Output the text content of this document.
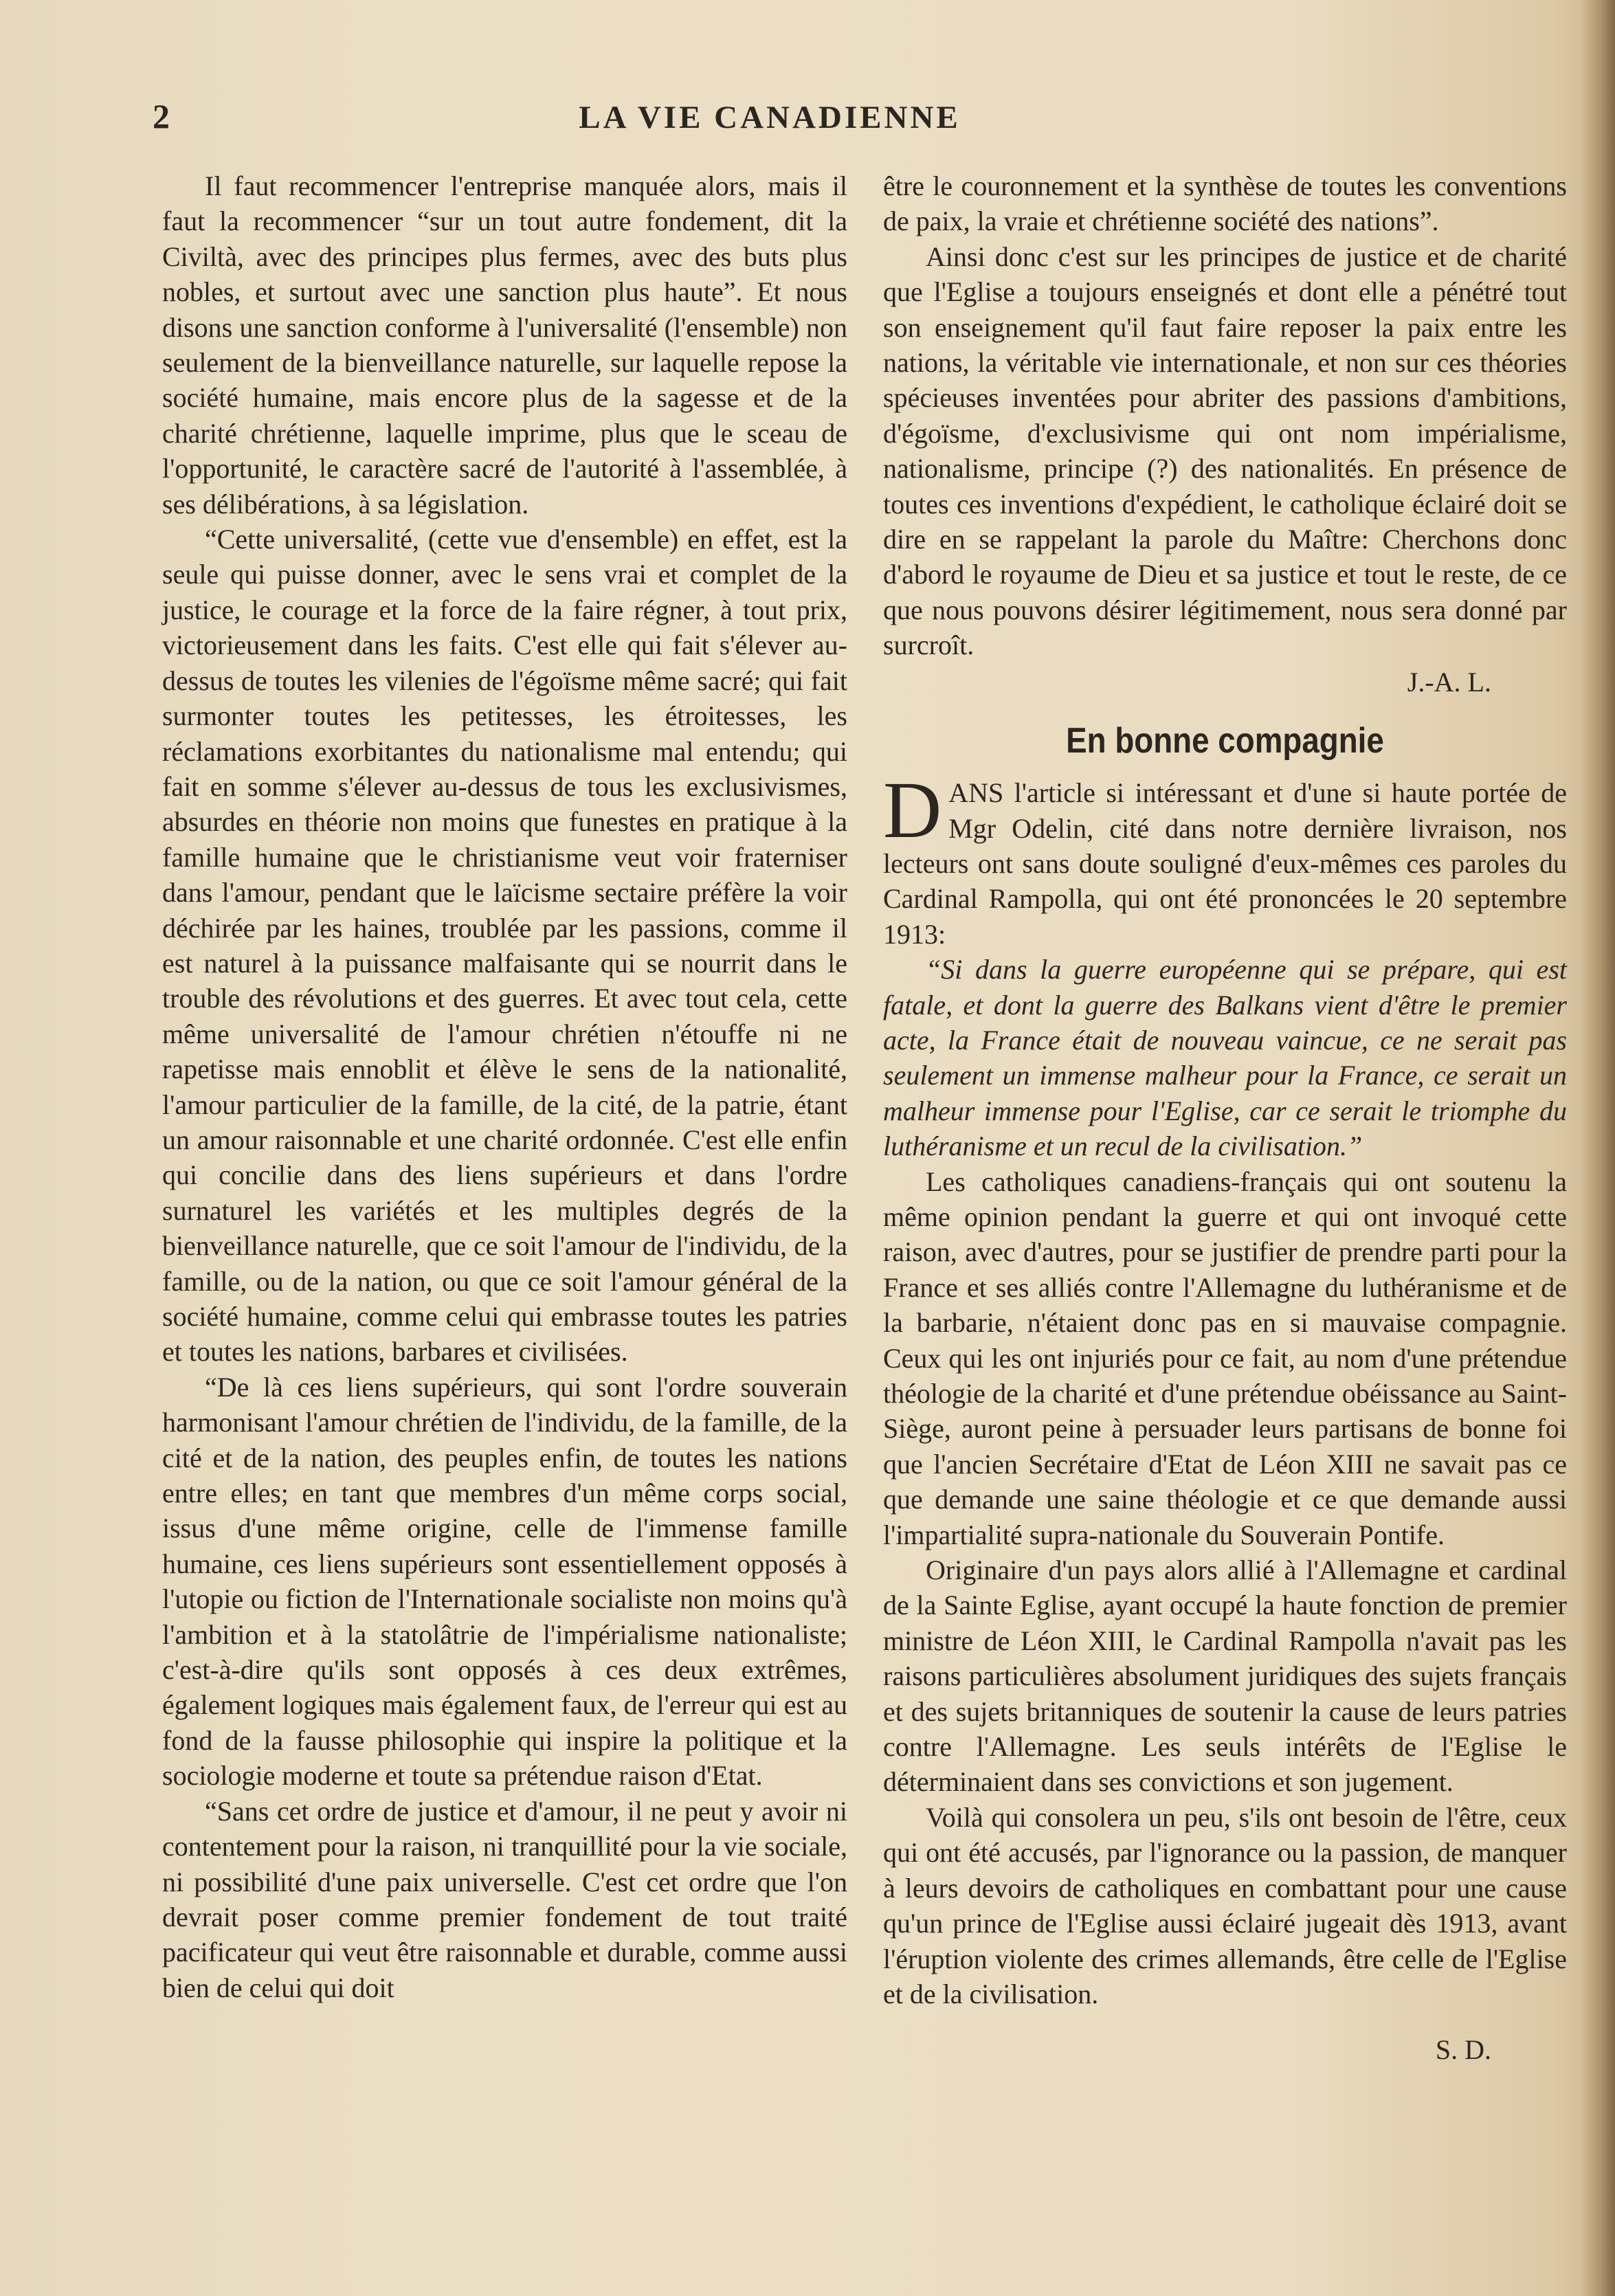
2	LA VIE CANADIENNE

Il faut recommencer l'entreprise manquée alors, mais il faut la recommencer “sur un tout autre fondement, dit la Civiltà, avec des principes plus fermes, avec des buts plus nobles, et surtout avec une sanction plus haute”. Et nous disons une sanction conforme à l'universalité (l'ensemble) non seulement de la bienveillance naturelle, sur laquelle repose la société humaine, mais encore plus de la sagesse et de la charité chrétienne, laquelle imprime, plus que le sceau de l'opportunité, le caractère sacré de l'autorité à l'assemblée, à ses délibérations, à sa législation.

“Cette universalité, (cette vue d'ensemble) en effet, est la seule qui puisse donner, avec le sens vrai et complet de la justice, le courage et la force de la faire régner, à tout prix, victorieusement dans les faits. C'est elle qui fait s'élever au-dessus de toutes les vilenies de l'égoïsme même sacré; qui fait surmonter toutes les petitesses, les étroitesses, les réclamations exorbitantes du nationalisme mal entendu; qui fait en somme s'élever au-dessus de tous les exclusivismes, absurdes en théorie non moins que funestes en pratique à la famille humaine que le christianisme veut voir fraterniser dans l'amour, pendant que le laïcisme sectaire préfère la voir déchirée par les haines, troublée par les passions, comme il est naturel à la puissance malfaisante qui se nourrit dans le trouble des révolutions et des guerres. Et avec tout cela, cette même universalité de l'amour chrétien n'étouffe ni ne rapetisse mais ennoblit et élève le sens de la nationalité, l'amour particulier de la famille, de la cité, de la patrie, étant un amour raisonnable et une charité ordonnée. C'est elle enfin qui concilie dans des liens supérieurs et dans l'ordre surnaturel les variétés et les multiples degrés de la bienveillance naturelle, que ce soit l'amour de l'individu, de la famille, ou de la nation, ou que ce soit l'amour général de la société humaine, comme celui qui embrasse toutes les patries et toutes les nations, barbares et civilisées.

“De là ces liens supérieurs, qui sont l'ordre souverain harmonisant l'amour chrétien de l'individu, de la famille, de la cité et de la nation, des peuples enfin, de toutes les nations entre elles; en tant que membres d'un même corps social, issus d'une même origine, celle de l'immense famille humaine, ces liens supérieurs sont essentiellement opposés à l'utopie ou fiction de l'Internationale socialiste non moins qu'à l'ambition et à la statolâtrie de l'impérialisme nationaliste; c'est-à-dire qu'ils sont opposés à ces deux extrêmes, également logiques mais également faux, de l'erreur qui est au fond de la fausse philosophie qui inspire la politique et la sociologie moderne et toute sa prétendue raison d'Etat.

“Sans cet ordre de justice et d'amour, il ne peut y avoir ni contentement pour la raison, ni tranquillité pour la vie sociale, ni possibilité d'une paix universelle. C'est cet ordre que l'on devrait poser comme premier fondement de tout traité pacificateur qui veut être raisonnable et durable, comme aussi bien de celui qui doit

être le couronnement et la synthèse de toutes les conventions de paix, la vraie et chrétienne société des nations”.

Ainsi donc c'est sur les principes de justice et de charité que l'Eglise a toujours enseignés et dont elle a pénétré tout son enseignement qu'il faut faire reposer la paix entre les nations, la véritable vie internationale, et non sur ces théories spécieuses inventées pour abriter des passions d'ambitions, d'égoïsme, d'exclusivisme qui ont nom impérialisme, nationalisme, principe (?) des nationalités. En présence de toutes ces inventions d'expédient, le catholique éclairé doit se dire en se rappelant la parole du Maître: Cherchons donc d'abord le royaume de Dieu et sa justice et tout le reste, de ce que nous pouvons désirer légitimement, nous sera donné par surcroît.

J.-A. L.

En bonne compagnie

DANS l'article si intéressant et d'une si haute portée de Mgr Odelin, cité dans notre dernière livraison, nos lecteurs ont sans doute souligné d'eux-mêmes ces paroles du Cardinal Rampolla, qui ont été prononcées le 20 septembre 1913:

“Si dans la guerre européenne qui se prépare, qui est fatale, et dont la guerre des Balkans vient d'être le premier acte, la France était de nouveau vaincue, ce ne serait pas seulement un immense malheur pour la France, ce serait un malheur immense pour l'Eglise, car ce serait le triomphe du luthéranisme et un recul de la civilisation.”

Les catholiques canadiens-français qui ont soutenu la même opinion pendant la guerre et qui ont invoqué cette raison, avec d'autres, pour se justifier de prendre parti pour la France et ses alliés contre l'Allemagne du luthéranisme et de la barbarie, n'étaient donc pas en si mauvaise compagnie. Ceux qui les ont injuriés pour ce fait, au nom d'une prétendue théologie de la charité et d'une prétendue obéissance au Saint-Siège, auront peine à persuader leurs partisans de bonne foi que l'ancien Secrétaire d'Etat de Léon XIII ne savait pas ce que demande une saine théologie et ce que demande aussi l'impartialité supra-nationale du Souverain Pontife.

Originaire d'un pays alors allié à l'Allemagne et cardinal de la Sainte Eglise, ayant occupé la haute fonction de premier ministre de Léon XIII, le Cardinal Rampolla n'avait pas les raisons particulières absolument juridiques des sujets français et des sujets britanniques de soutenir la cause de leurs patries contre l'Allemagne. Les seuls intérêts de l'Eglise le déterminaient dans ses convictions et son jugement.

Voilà qui consolera un peu, s'ils ont besoin de l'être, ceux qui ont été accusés, par l'ignorance ou la passion, de manquer à leurs devoirs de catholiques en combattant pour une cause qu'un prince de l'Eglise aussi éclairé jugeait dès 1913, avant l'éruption violente des crimes allemands, être celle de l'Eglise et de la civilisation.

S. D.
